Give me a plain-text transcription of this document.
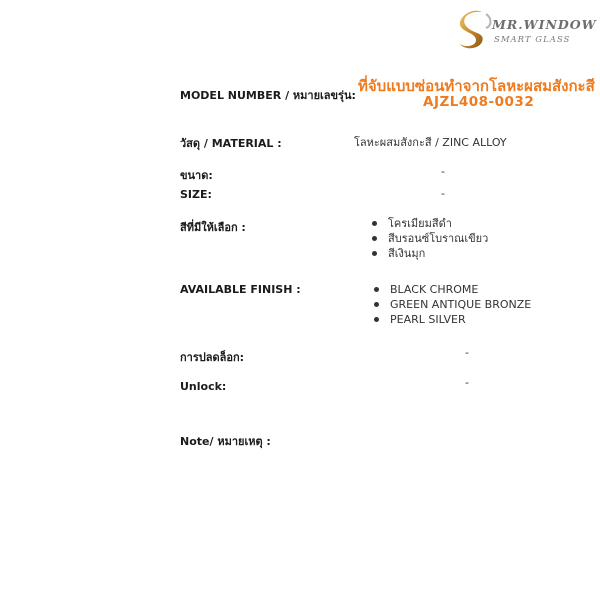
MR.WINDOW
SMART GLASS
MODEL NUMBER / หมายเลขรุ่น:
ที่จับแบบซ่อนทำจากโลหะผสมสังกะสี
AJZL408-0032
วัสดุ / MATERIAL :	โลหะผสมสังกะสี / ZINC ALLOY
ขนาด:	-
SIZE:	-
สีที่มีให้เลือก :	โครเมียมสีดำ
สีบรอนซ์โบราณเขียว
สีเงินมุก
AVAILABLE FINISH :	BLACK CHROME
GREEN ANTIQUE BRONZE
PEARL SILVER
การปลดล็อก:	-
Unlock:	-
Note/ หมายเหตุ :
